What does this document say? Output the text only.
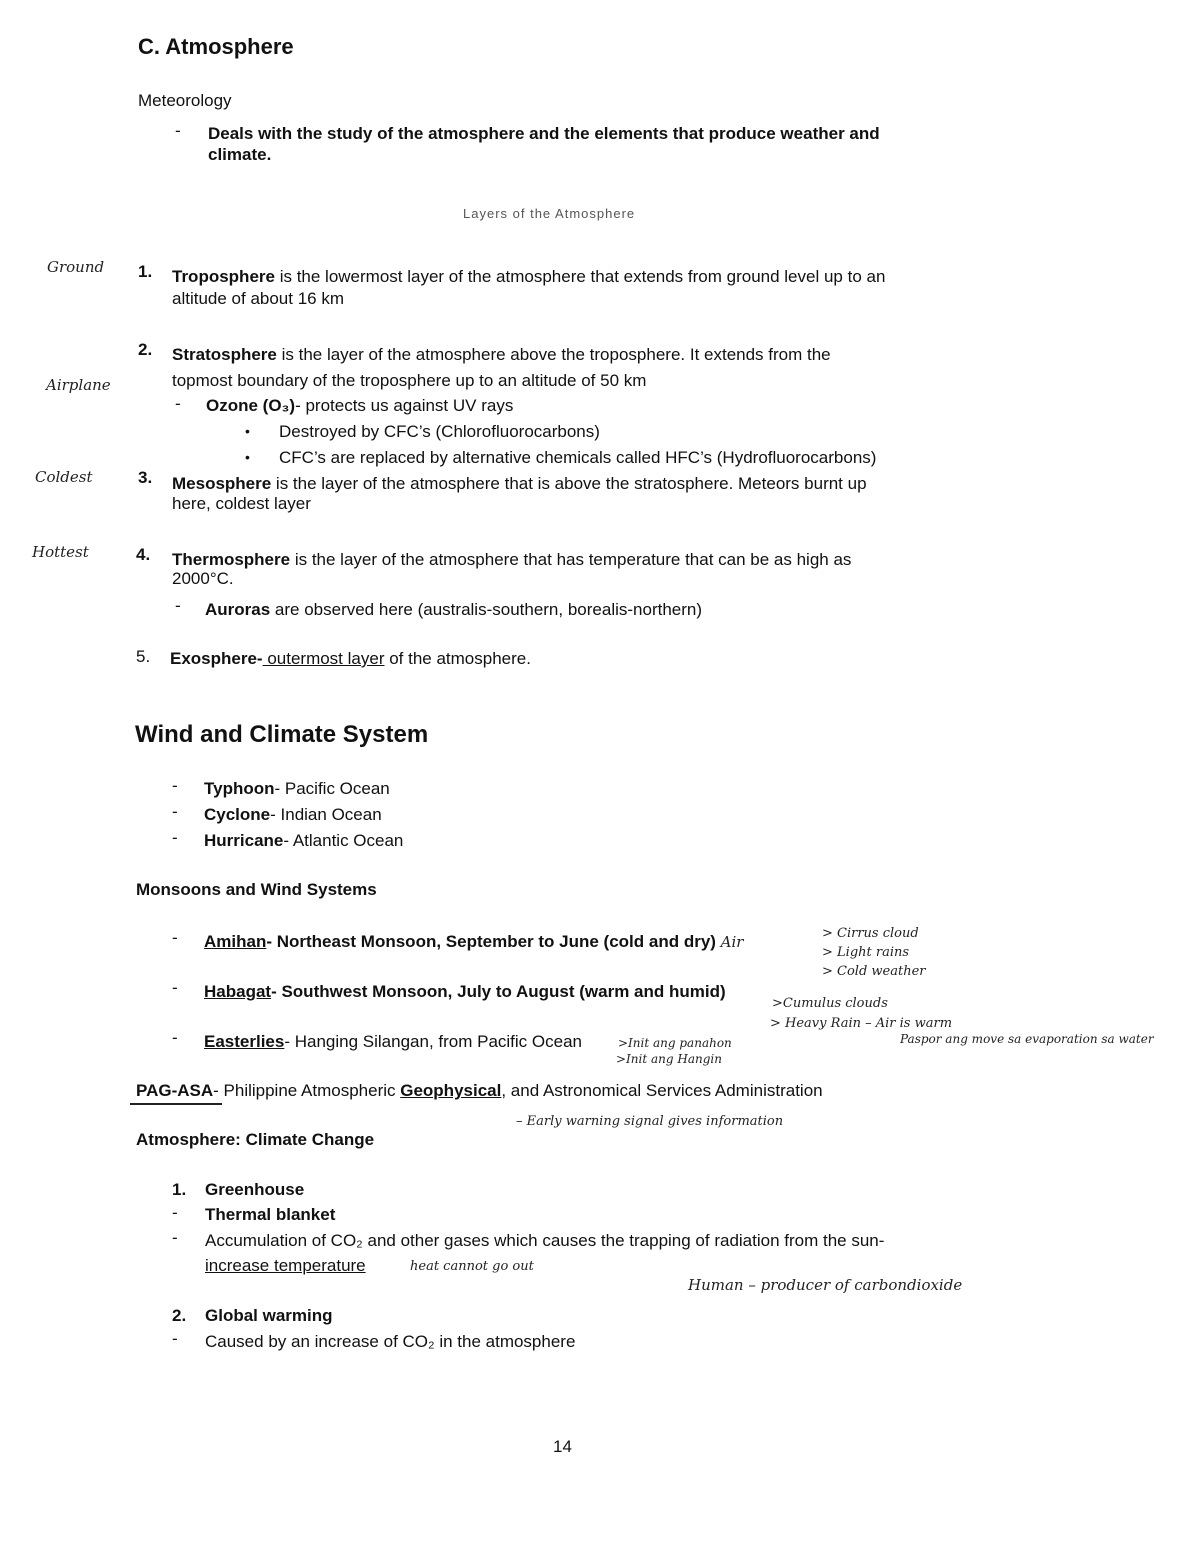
C. Atmosphere
Meteorology
- Deals with the study of the atmosphere and the elements that produce weather and
climate.
Layers of the Atmosphere
Ground
Airplane
Coldest
Hottest
1. Troposphere is the lowermost layer of the atmosphere that extends from ground level up to an
altitude of about 16 km
2. Stratosphere is the layer of the atmosphere above the troposphere. It extends from the
topmost boundary of the troposphere up to an altitude of 50 km
- Ozone (O₃)- protects us against UV rays
• Destroyed by CFC’s (Chlorofluorocarbons)
• CFC’s are replaced by alternative chemicals called HFC’s (Hydrofluorocarbons)
3. Mesosphere is the layer of the atmosphere that is above the stratosphere. Meteors burnt up
here, coldest layer
4. Thermosphere is the layer of the atmosphere that has temperature that can be as high as
2000°C.
- Auroras are observed here (australis-southern, borealis-northern)
5. Exosphere- outermost layer of the atmosphere.
Wind and Climate System
- Typhoon- Pacific Ocean
- Cyclone- Indian Ocean
- Hurricane- Atlantic Ocean
Monsoons and Wind Systems
- Amihan- Northeast Monsoon, September to June (cold and dry) Air	> Cirrus cloud
> Light rains
> Cold weather
- Habagat- Southwest Monsoon, July to August (warm and humid)
>Cumulus clouds
> Heavy Rain – Air is warm
Paspor ang move sa evaporation sa water
- Easterlies- Hanging Silangan, from Pacific Ocean	>Init ang panahon
>Init ang Hangin
PAG-ASA- Philippine Atmospheric Geophysical, and Astronomical Services Administration
– Early warning signal gives information
Atmosphere: Climate Change
1. Greenhouse
- Thermal blanket
- Accumulation of CO₂ and other gases which causes the trapping of radiation from the sun-
increase temperature	heat cannot go out
Human – producer of carbondioxide
2. Global warming
- Caused by an increase of CO₂ in the atmosphere
14
